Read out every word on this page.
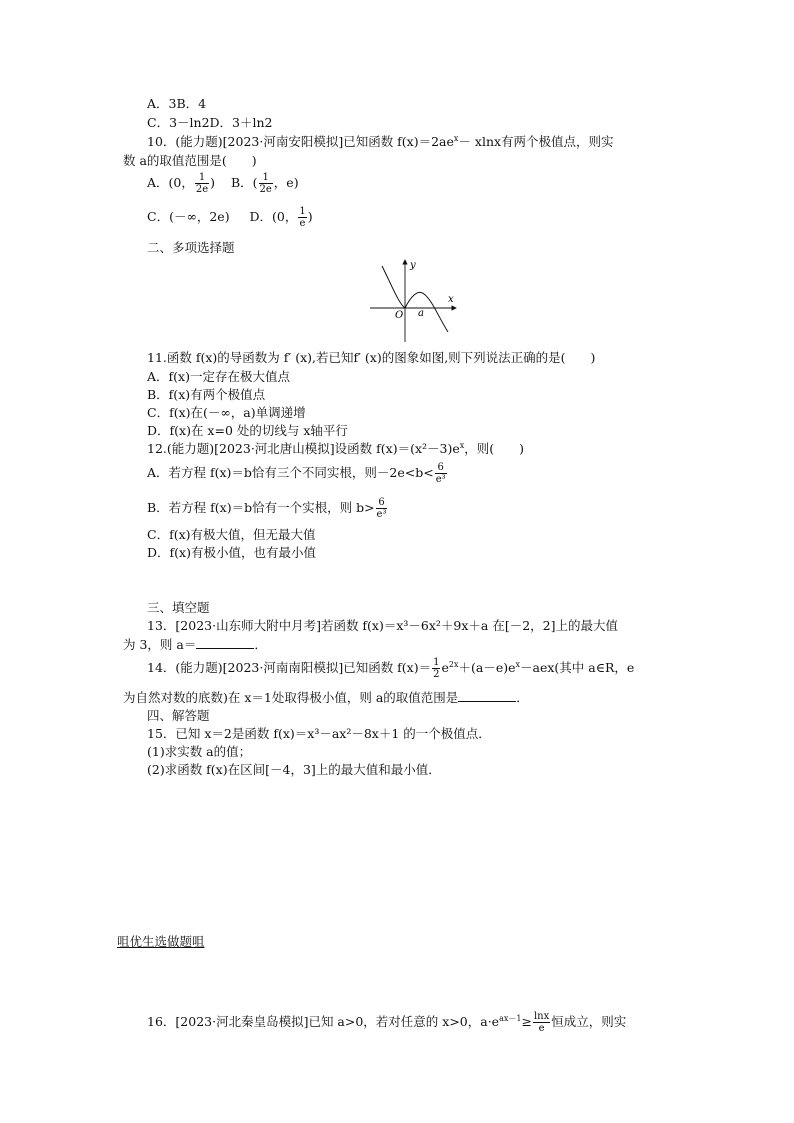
A．3B．4
C．3－ln2D．3＋ln2
10．(能力题)[2023·河南安阳模拟]已知函数 $f(x)=2ae^x- xlnx$有两个极值点，则实
数 a的取值范围是(　　)
A．(0， $\frac{1}{2e}$ ) B．( $\frac{1}{2e}$ ，e)
C．(－∞，2e) D．(0， $\frac{1}{e}$ )
二、多项选择题
y
x
O a
11.函数 f(x)的导函数为 f′ (x),若已知f′ (x)的图象如图,则下列说法正确的是(　　)
A．f(x)一定存在极大值点
B．f(x)有两个极值点
C．f(x)在(－∞，a)单调递增
D．f(x)在 x=0 处的切线与 x轴平行
12.(能力题)[2023·河北唐山模拟]设函数 $f(x)=(x^2-3)e^x$，则(　　)
A．若方程 f(x)＝b恰有三个不同实根，则$-2e<b< \frac{6}{\text{e³}}$
B．若方程 f(x)＝b恰有一个实根，则 $b> \frac{6}{\text{e³}}$
C．f(x)有极大值，但无最大值
D．f(x)有极小值，也有最小值
三、填空题
13．[2023·山东师大附中月考]若函数 f(x)＝x³－6x²＋9x＋a 在[－2，2]上的最大值
为 3，则 a＝	．
14．(能力题)[2023·河南南阳模拟]已知函数 $f(x)= \frac{1}{2} e^{2x}+(a-e)e^x-aex$(其中 a∈R，e
为自然对数的底数)在 x＝1处取得极小值，则 a的取值范围是	．
四、解答题
15．已知 x＝2是函数 f(x)＝x³－ax²－8x＋1 的一个极值点．
(1)求实数 a的值；
(2)求函数 f(x)在区间[－4，3]上的最大值和最小值．
咀优生选做题咀
16．[2023·河北秦皇岛模拟]已知 a>0，若对任意的 x>0，$a\cdot e^{ax-1}\ge \frac{\ln x}{e}$ 恒成立，则实
